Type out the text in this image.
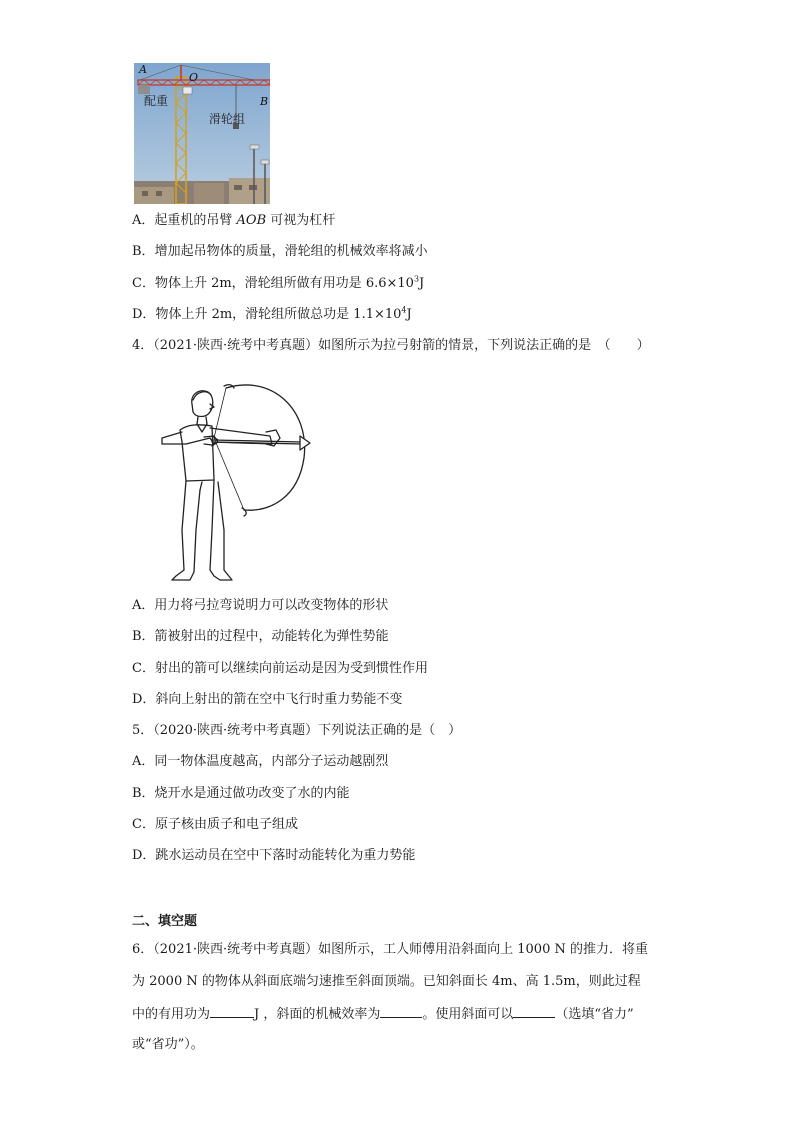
A
O
B
配重
滑轮组
A．起重机的吊臂 AOB 可视为杠杆
B．增加起吊物体的质量，滑轮组的机械效率将减小
C．物体上升 2m，滑轮组所做有用功是 $6.6\times 10^3J$
D．物体上升 2m，滑轮组所做总功是 $1.1\times 10^4J$
4．（2021·陕西·统考中考真题）如图所示为拉弓射箭的情景，下列说法正确的是　（　　）
A．用力将弓拉弯说明力可以改变物体的形状
B．箭被射出的过程中，动能转化为弹性势能
C．射出的箭可以继续向前运动是因为受到惯性作用
D．斜向上射出的箭在空中飞行时重力势能不变
5．（2020·陕西·统考中考真题）下列说法正确的是（　）
A．同一物体温度越高，内部分子运动越剧烈
B．烧开水是通过做功改变了水的内能
C．原子核由质子和电子组成
D．跳水运动员在空中下落时动能转化为重力势能
二、填空题
6．（2021·陕西·统考中考真题）如图所示，工人师傅用沿斜面向上 1000 N 的推力．将重
为 2000 N 的物体从斜面底端匀速推至斜面顶端。已知斜面长 4m、高 1.5m，则此过程
中的有用功为	J ，斜面的机械效率为	。使用斜面可以	（选填“省力”
或“省功”）。
